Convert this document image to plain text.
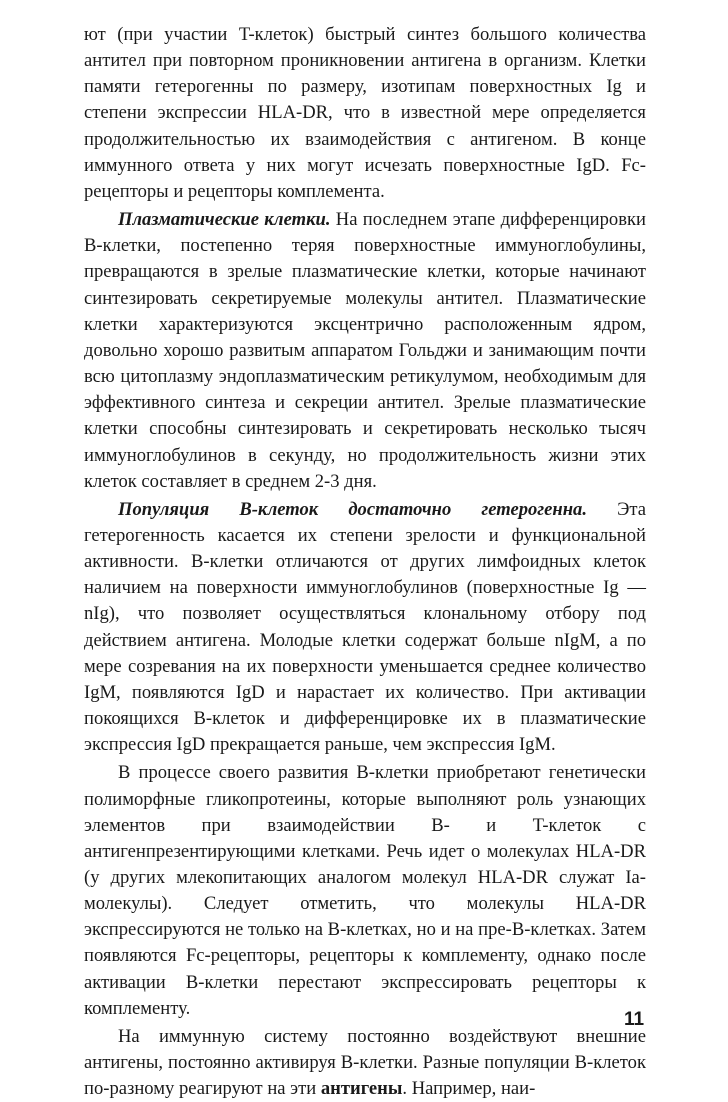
ют (при участии T-клеток) быстрый синтез большого количества антител при повторном проникновении антигена в организм. Клетки памяти гетерогенны по размеру, изотипам поверхностных Ig и степени экспрессии HLA-DR, что в известной мере определяется продолжительностью их взаимодействия с антигеном. В конце иммунного ответа у них могут исчезать поверхностные IgD. Fc-рецепторы и рецепторы комплемента.

Плазматические клетки. На последнем этапе дифференцировки B-клетки, постепенно теряя поверхностные иммуноглобулины, превращаются в зрелые плазматические клетки, которые начинают синтезировать секретируемые молекулы антител. Плазматические клетки характеризуются эксцентрично расположенным ядром, довольно хорошо развитым аппаратом Гольджи и занимающим почти всю цитоплазму эндоплазматическим ретикулумом, необходимым для эффективного синтеза и секреции антител. Зрелые плазматические клетки способны синтезировать и секретировать несколько тысяч иммуноглобулинов в секунду, но продолжительность жизни этих клеток составляет в среднем 2-3 дня.

Популяция B-клеток достаточно гетерогенна. Эта гетерогенность касается их степени зрелости и функциональной активности. B-клетки отличаются от других лимфоидных клеток наличием на поверхности иммуноглобулинов (поверхностные Ig — nIg), что позволяет осуществляться клональному отбору под действием антигена. Молодые клетки содержат больше nIgM, а по мере созревания на их поверхности уменьшается среднее количество IgM, появляются IgD и нарастает их количество. При активации покоящихся B-клеток и дифференцировке их в плазматические экспрессия IgD прекращается раньше, чем экспрессия IgM.

В процессе своего развития B-клетки приобретают генетически полиморфные гликопротеины, которые выполняют роль узнающих элементов при взаимодействии B- и T-клеток с антигенпрезентирующими клетками. Речь идет о молекулах HLA-DR (у других млекопитающих аналогом молекул HLA-DR служат Ia-молекулы). Следует отметить, что молекулы HLA-DR экспрессируются не только на B-клетках, но и на пре-B-клетках. Затем появляются Fc-рецепторы, рецепторы к комплементу, однако после активации B-клетки перестают экспрессировать рецепторы к комплементу.

На иммунную систему постоянно воздействуют внешние антигены, постоянно активируя B-клетки. Разные популяции B-клеток по-разному реагируют на эти антигены. Например, наи-

11
